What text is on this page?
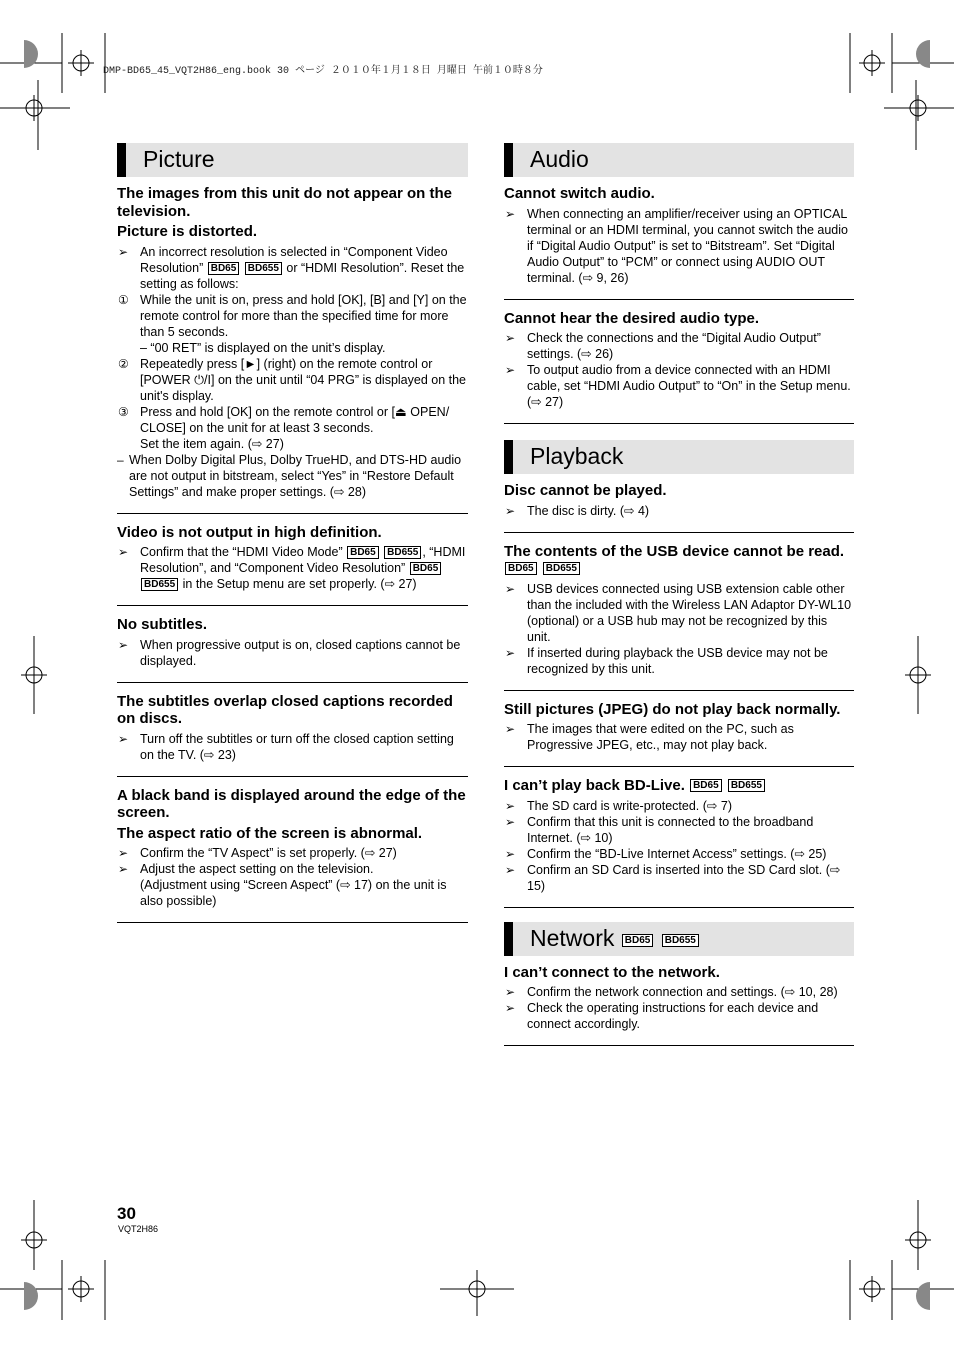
DMP-BD65_45_VQT2H86_eng.book 30 ページ ２０１０年１月１８日 月曜日 午前１０時８分
Picture
The images from this unit do not appear on the television.
Picture is distorted.
➢ An incorrect resolution is selected in “Component Video Resolution” BD65 BD655 or “HDMI Resolution”. Reset the setting as follows:
① While the unit is on, press and hold [OK], [B] and [Y] on the remote control for more than the specified time for more than 5 seconds.
– “00 RET” is displayed on the unit’s display.
② Repeatedly press [►] (right) on the remote control or [POWER ⏻/I] on the unit until “04 PRG” is displayed on the unit's display.
③ Press and hold [OK] on the remote control or [⏏ OPEN/ CLOSE] on the unit for at least 3 seconds.
Set the item again. (⇨ 27)
– When Dolby Digital Plus, Dolby TrueHD, and DTS-HD audio are not output in bitstream, select “Yes” in “Restore Default Settings” and make proper settings. (⇨ 28)
Video is not output in high definition.
➢ Confirm that the “HDMI Video Mode” BD65 BD655 , “HDMI Resolution”, and “Component Video Resolution” BD65 BD655 in the Setup menu are set properly. (⇨ 27)
No subtitles.
➢ When progressive output is on, closed captions cannot be displayed.
The subtitles overlap closed captions recorded on discs.
➢ Turn off the subtitles or turn off the closed caption setting on the TV. (⇨ 23)
A black band is displayed around the edge of the screen.
The aspect ratio of the screen is abnormal.
➢ Confirm the “TV Aspect” is set properly. (⇨ 27)
➢ Adjust the aspect setting on the television.
(Adjustment using “Screen Aspect” (⇨ 17) on the unit is also possible)
Audio
Cannot switch audio.
➢ When connecting an amplifier/receiver using an OPTICAL terminal or an HDMI terminal, you cannot switch the audio if “Digital Audio Output” is set to “Bitstream”. Set “Digital Audio Output” to “PCM” or connect using AUDIO OUT terminal. (⇨ 9, 26)
Cannot hear the desired audio type.
➢ Check the connections and the “Digital Audio Output” settings. (⇨ 26)
➢ To output audio from a device connected with an HDMI cable, set “HDMI Audio Output” to “On” in the Setup menu. (⇨ 27)
Playback
Disc cannot be played.
➢ The disc is dirty. (⇨ 4)
The contents of the USB device cannot be read. BD65 BD655
➢ USB devices connected using USB extension cable other than the included with the Wireless LAN Adaptor DY-WL10 (optional) or a USB hub may not be recognized by this unit.
➢ If inserted during playback the USB device may not be recognized by this unit.
Still pictures (JPEG) do not play back normally.
➢ The images that were edited on the PC, such as Progressive JPEG, etc., may not play back.
I can’t play back BD-Live. BD65 BD655
➢ The SD card is write-protected. (⇨ 7)
➢ Confirm that this unit is connected to the broadband Internet. (⇨ 10)
➢ Confirm the “BD-Live Internet Access” settings. (⇨ 25)
➢ Confirm an SD Card is inserted into the SD Card slot. (⇨ 15)
Network BD65 BD655
I can’t connect to the network.
➢ Confirm the network connection and settings. (⇨ 10, 28)
➢ Check the operating instructions for each device and connect accordingly.
30
VQT2H86
